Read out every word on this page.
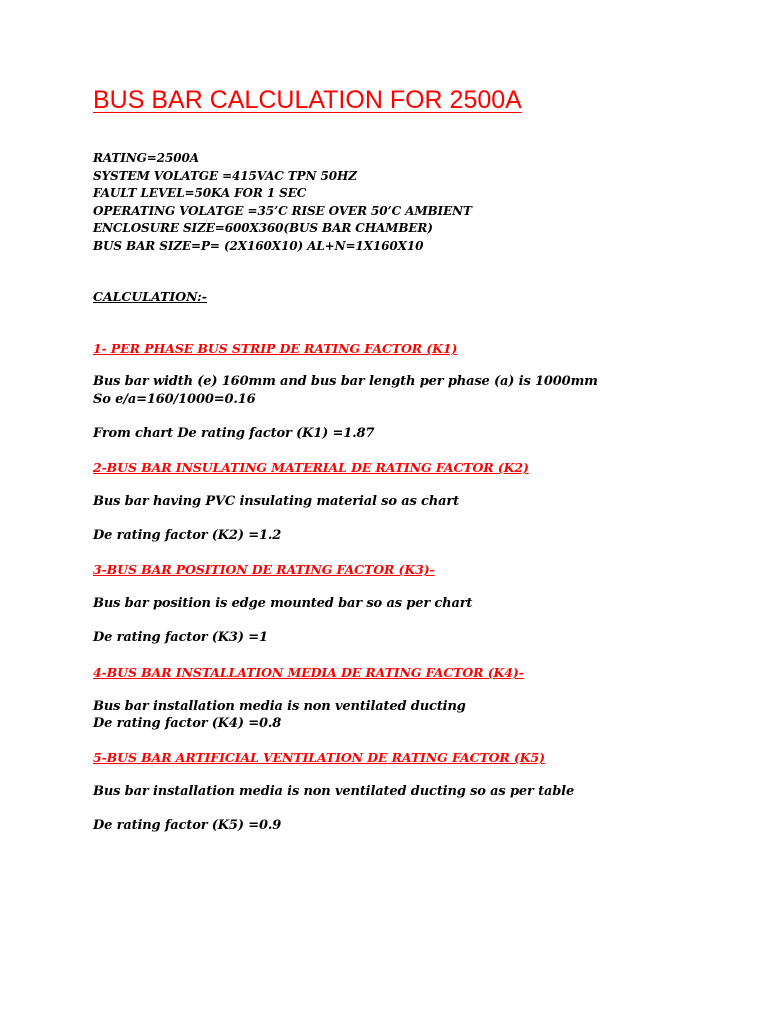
BUS BAR CALCULATION FOR 2500A
RATING=2500A
SYSTEM VOLATGE =415VAC TPN 50HZ
FAULT LEVEL=50KA FOR 1 SEC
OPERATING VOLATGE =35’C RISE OVER 50’C AMBIENT
ENCLOSURE SIZE=600X360(BUS BAR CHAMBER)
BUS BAR SIZE=P= (2X160X10) AL+N=1X160X10

CALCULATION:-

1- PER PHASE BUS STRIP DE RATING FACTOR (K1)

Bus bar width (e) 160mm and bus bar length per phase (a) is 1000mm

So e/a=160/1000=0.16

From chart De rating factor (K1) =1.87

2-BUS BAR INSULATING MATERIAL DE RATING FACTOR (K2)

Bus bar having PVC insulating material so as chart

De rating factor (K2) =1.2

3-BUS BAR POSITION DE RATING FACTOR (K3)-

Bus bar position is edge mounted bar so as per chart

De rating factor (K3) =1

4-BUS BAR INSTALLATION MEDIA DE RATING FACTOR (K4)-

Bus bar installation media is non ventilated ducting

De rating factor (K4) =0.8

5-BUS BAR ARTIFICIAL VENTILATION DE RATING FACTOR (K5)

Bus bar installation media is non ventilated ducting so as per table

De rating factor (K5) =0.9
